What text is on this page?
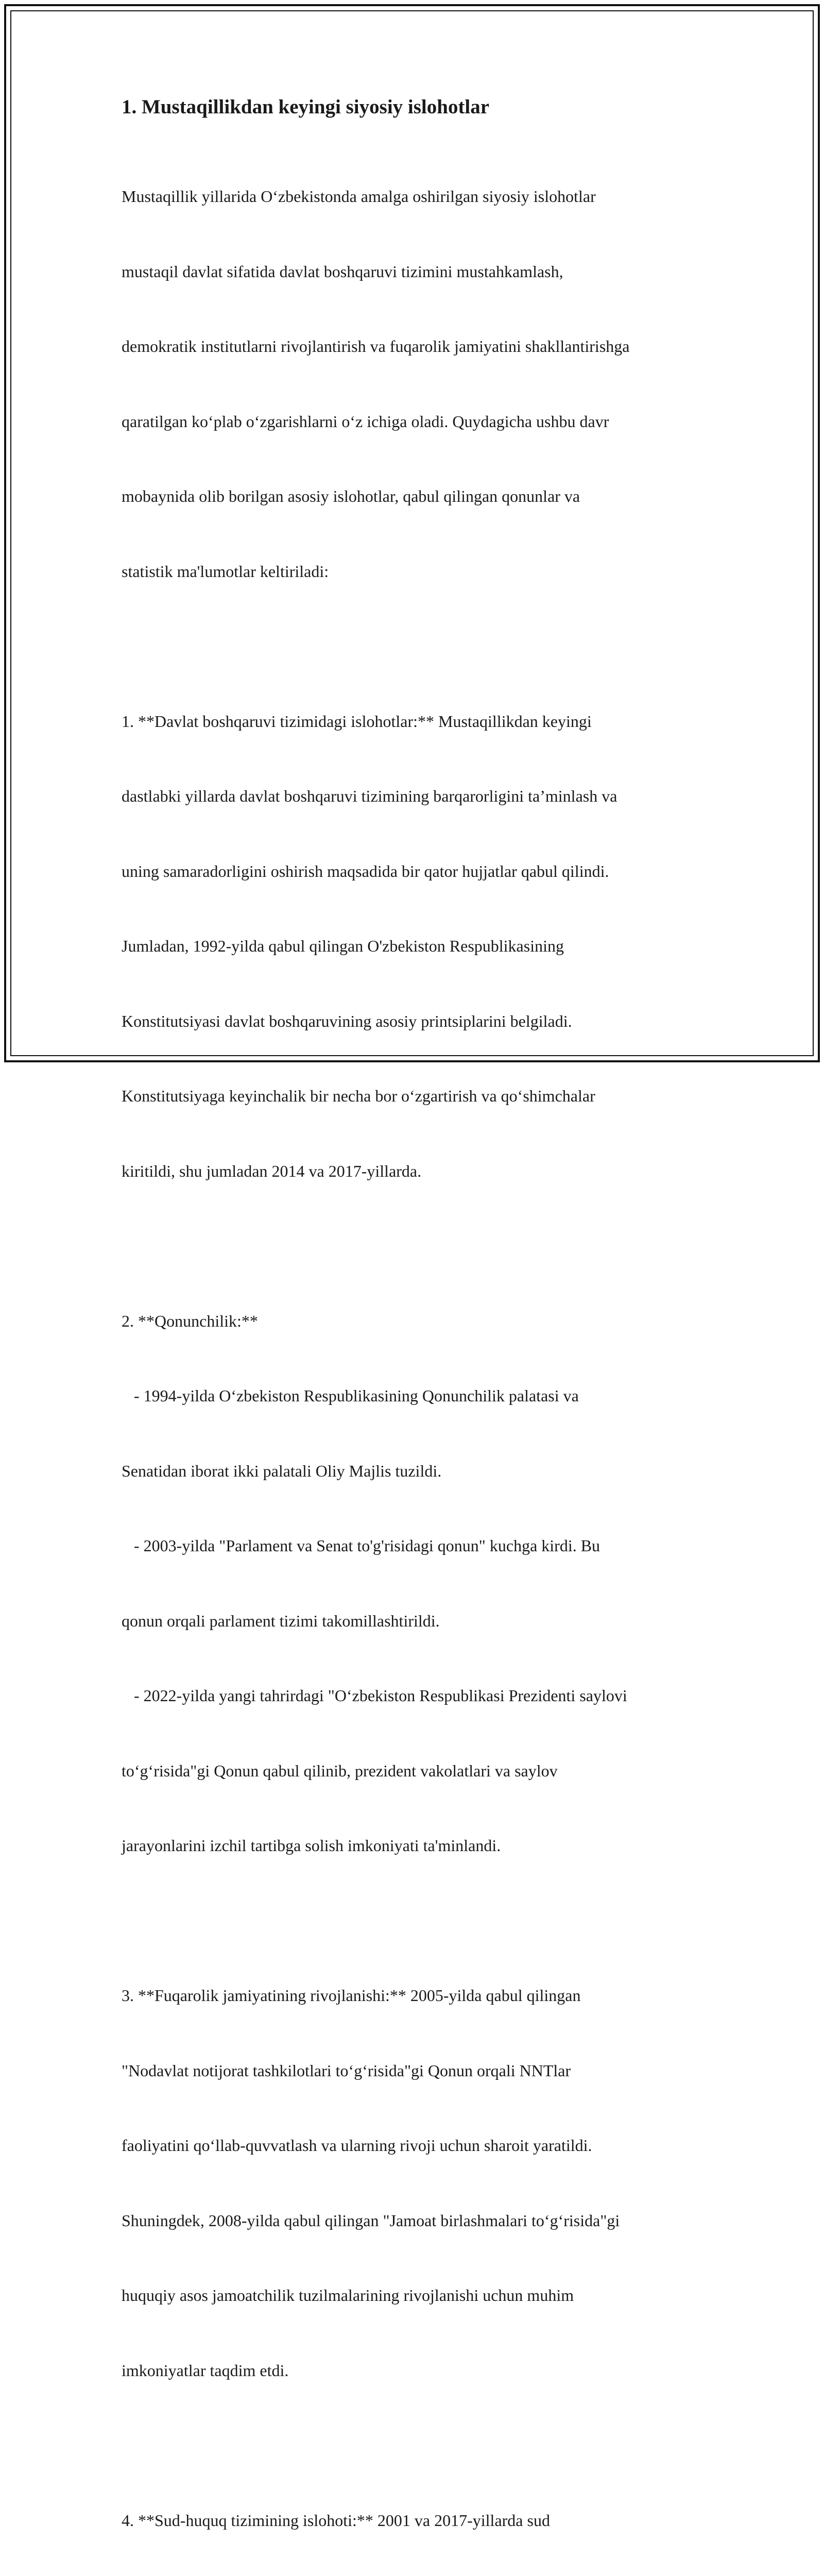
1. Mustaqillikdan keyingi siyosiy islohotlar

Mustaqillik yillarida O‘zbekistonda amalga oshirilgan siyosiy islohotlar

mustaqil davlat sifatida davlat boshqaruvi tizimini mustahkamlash,

demokratik institutlarni rivojlantirish va fuqarolik jamiyatini shakllantirishga

qaratilgan ko‘plab o‘zgarishlarni o‘z ichiga oladi. Quydagicha ushbu davr

mobaynida olib borilgan asosiy islohotlar, qabul qilingan qonunlar va

statistik ma'lumotlar keltiriladi:

1. **Davlat boshqaruvi tizimidagi islohotlar:** Mustaqillikdan keyingi

dastlabki yillarda davlat boshqaruvi tizimining barqarorligini ta’minlash va

uning samaradorligini oshirish maqsadida bir qator hujjatlar qabul qilindi.

Jumladan, 1992-yilda qabul qilingan O'zbekiston Respublikasining

Konstitutsiyasi davlat boshqaruvining asosiy printsiplarini belgiladi.

Konstitutsiyaga keyinchalik bir necha bor o‘zgartirish va qo‘shimchalar

kiritildi, shu jumladan 2014 va 2017-yillarda.

2. **Qonunchilik:**

- 1994-yilda O‘zbekiston Respublikasining Qonunchilik palatasi va

Senatidan iborat ikki palatali Oliy Majlis tuzildi.

- 2003-yilda "Parlament va Senat to'g'risidagi qonun" kuchga kirdi. Bu

qonun orqali parlament tizimi takomillashtirildi.

- 2022-yilda yangi tahrirdagi "O‘zbekiston Respublikasi Prezidenti saylovi

to‘g‘risida"gi Qonun qabul qilinib, prezident vakolatlari va saylov

jarayonlarini izchil tartibga solish imkoniyati ta'minlandi.

3. **Fuqarolik jamiyatining rivojlanishi:** 2005-yilda qabul qilingan

"Nodavlat notijorat tashkilotlari to‘g‘risida"gi Qonun orqali NNTlar

faoliyatini qo‘llab-quvvatlash va ularning rivoji uchun sharoit yaratildi.

Shuningdek, 2008-yilda qabul qilingan "Jamoat birlashmalari to‘g‘risida"gi

huquqiy asos jamoatchilik tuzilmalarining rivojlanishi uchun muhim

imkoniyatlar taqdim etdi.

4. **Sud-huquq tizimining islohoti:** 2001 va 2017-yillarda sud
